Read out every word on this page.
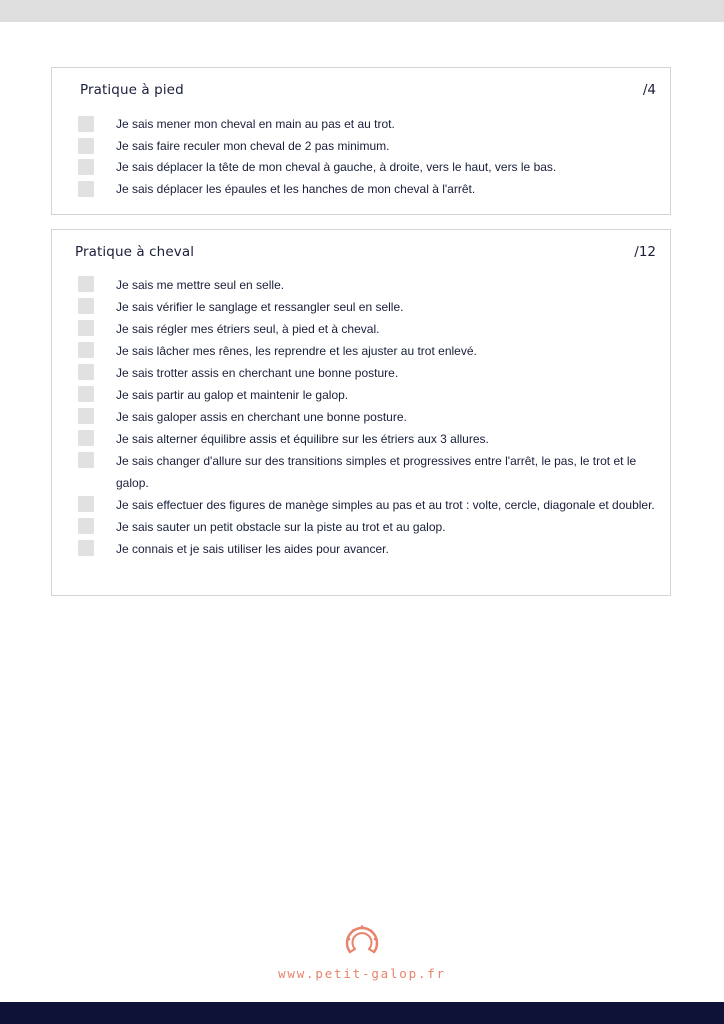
Pratique à pied	/4
Je sais mener mon cheval en main au pas et au trot.
Je sais faire reculer mon cheval de 2 pas minimum.
Je sais déplacer la tête de mon cheval à gauche, à droite, vers le haut, vers le bas.
Je sais déplacer les épaules et les hanches de mon cheval à l'arrêt.
Pratique à cheval	/12
Je sais me mettre seul en selle.
Je sais vérifier le sanglage et ressangler seul en selle.
Je sais régler mes étriers seul, à pied et à cheval.
Je sais lâcher mes rênes, les reprendre et les ajuster au trot enlevé.
Je sais trotter assis en cherchant une bonne posture.
Je sais partir au galop et maintenir le galop.
Je sais galoper assis en cherchant une bonne posture.
Je sais alterner équilibre assis et équilibre sur les étriers aux 3 allures.
Je sais changer d'allure sur des transitions simples et progressives entre l'arrêt, le pas, le trot et le galop.
Je sais effectuer des figures de manège simples au pas et au trot : volte, cercle, diagonale et doubler.
Je sais sauter un petit obstacle sur la piste au trot et au galop.
Je connais et je sais utiliser les aides pour avancer.
www.petit-galop.fr
